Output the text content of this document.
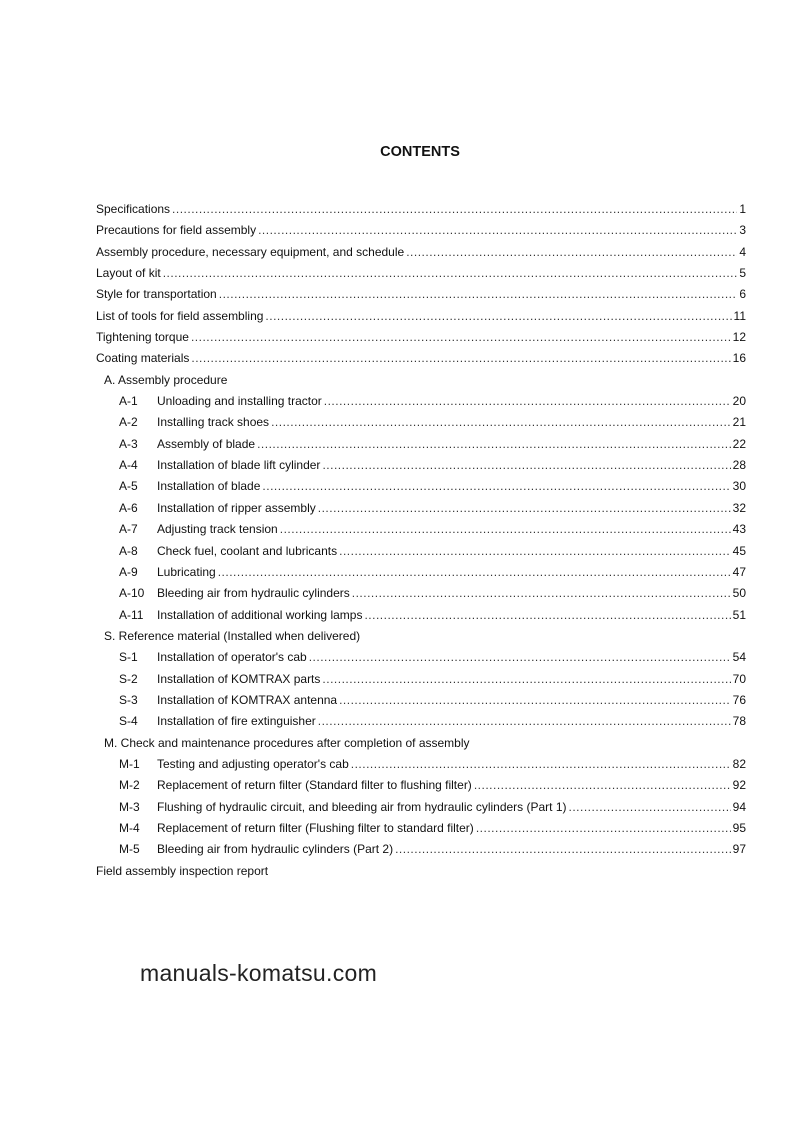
CONTENTS
Specifications .....	1
Precautions for field assembly .....	3
Assembly procedure, necessary equipment, and schedule .....	4
Layout of kit .....	5
Style for transportation .....	6
List of tools for field assembling .....	11
Tightening torque .....	12
Coating materials .....	16
A. Assembly procedure
A-1	Unloading and installing tractor .....	20
A-2	Installing track shoes .....	21
A-3	Assembly of blade .....	22
A-4	Installation of blade lift cylinder .....	28
A-5	Installation of blade .....	30
A-6	Installation of ripper assembly .....	32
A-7	Adjusting track tension .....	43
A-8	Check fuel, coolant and lubricants .....	45
A-9	Lubricating .....	47
A-10	Bleeding air from hydraulic cylinders .....	50
A-11	Installation of additional working lamps .....	51
S. Reference material (Installed when delivered)
S-1	Installation of operator's cab .....	54
S-2	Installation of KOMTRAX parts .....	70
S-3	Installation of KOMTRAX antenna .....	76
S-4	Installation of fire extinguisher .....	78
M. Check and maintenance procedures after completion of assembly
M-1	Testing and adjusting operator's cab .....	82
M-2	Replacement of return filter (Standard filter to flushing filter) .....	92
M-3	Flushing of hydraulic circuit, and bleeding air from hydraulic cylinders (Part 1) .....	94
M-4	Replacement of return filter (Flushing filter to standard filter) .....	95
M-5	Bleeding air from hydraulic cylinders (Part 2) .....	97
Field assembly inspection report
manuals-komatsu.com
